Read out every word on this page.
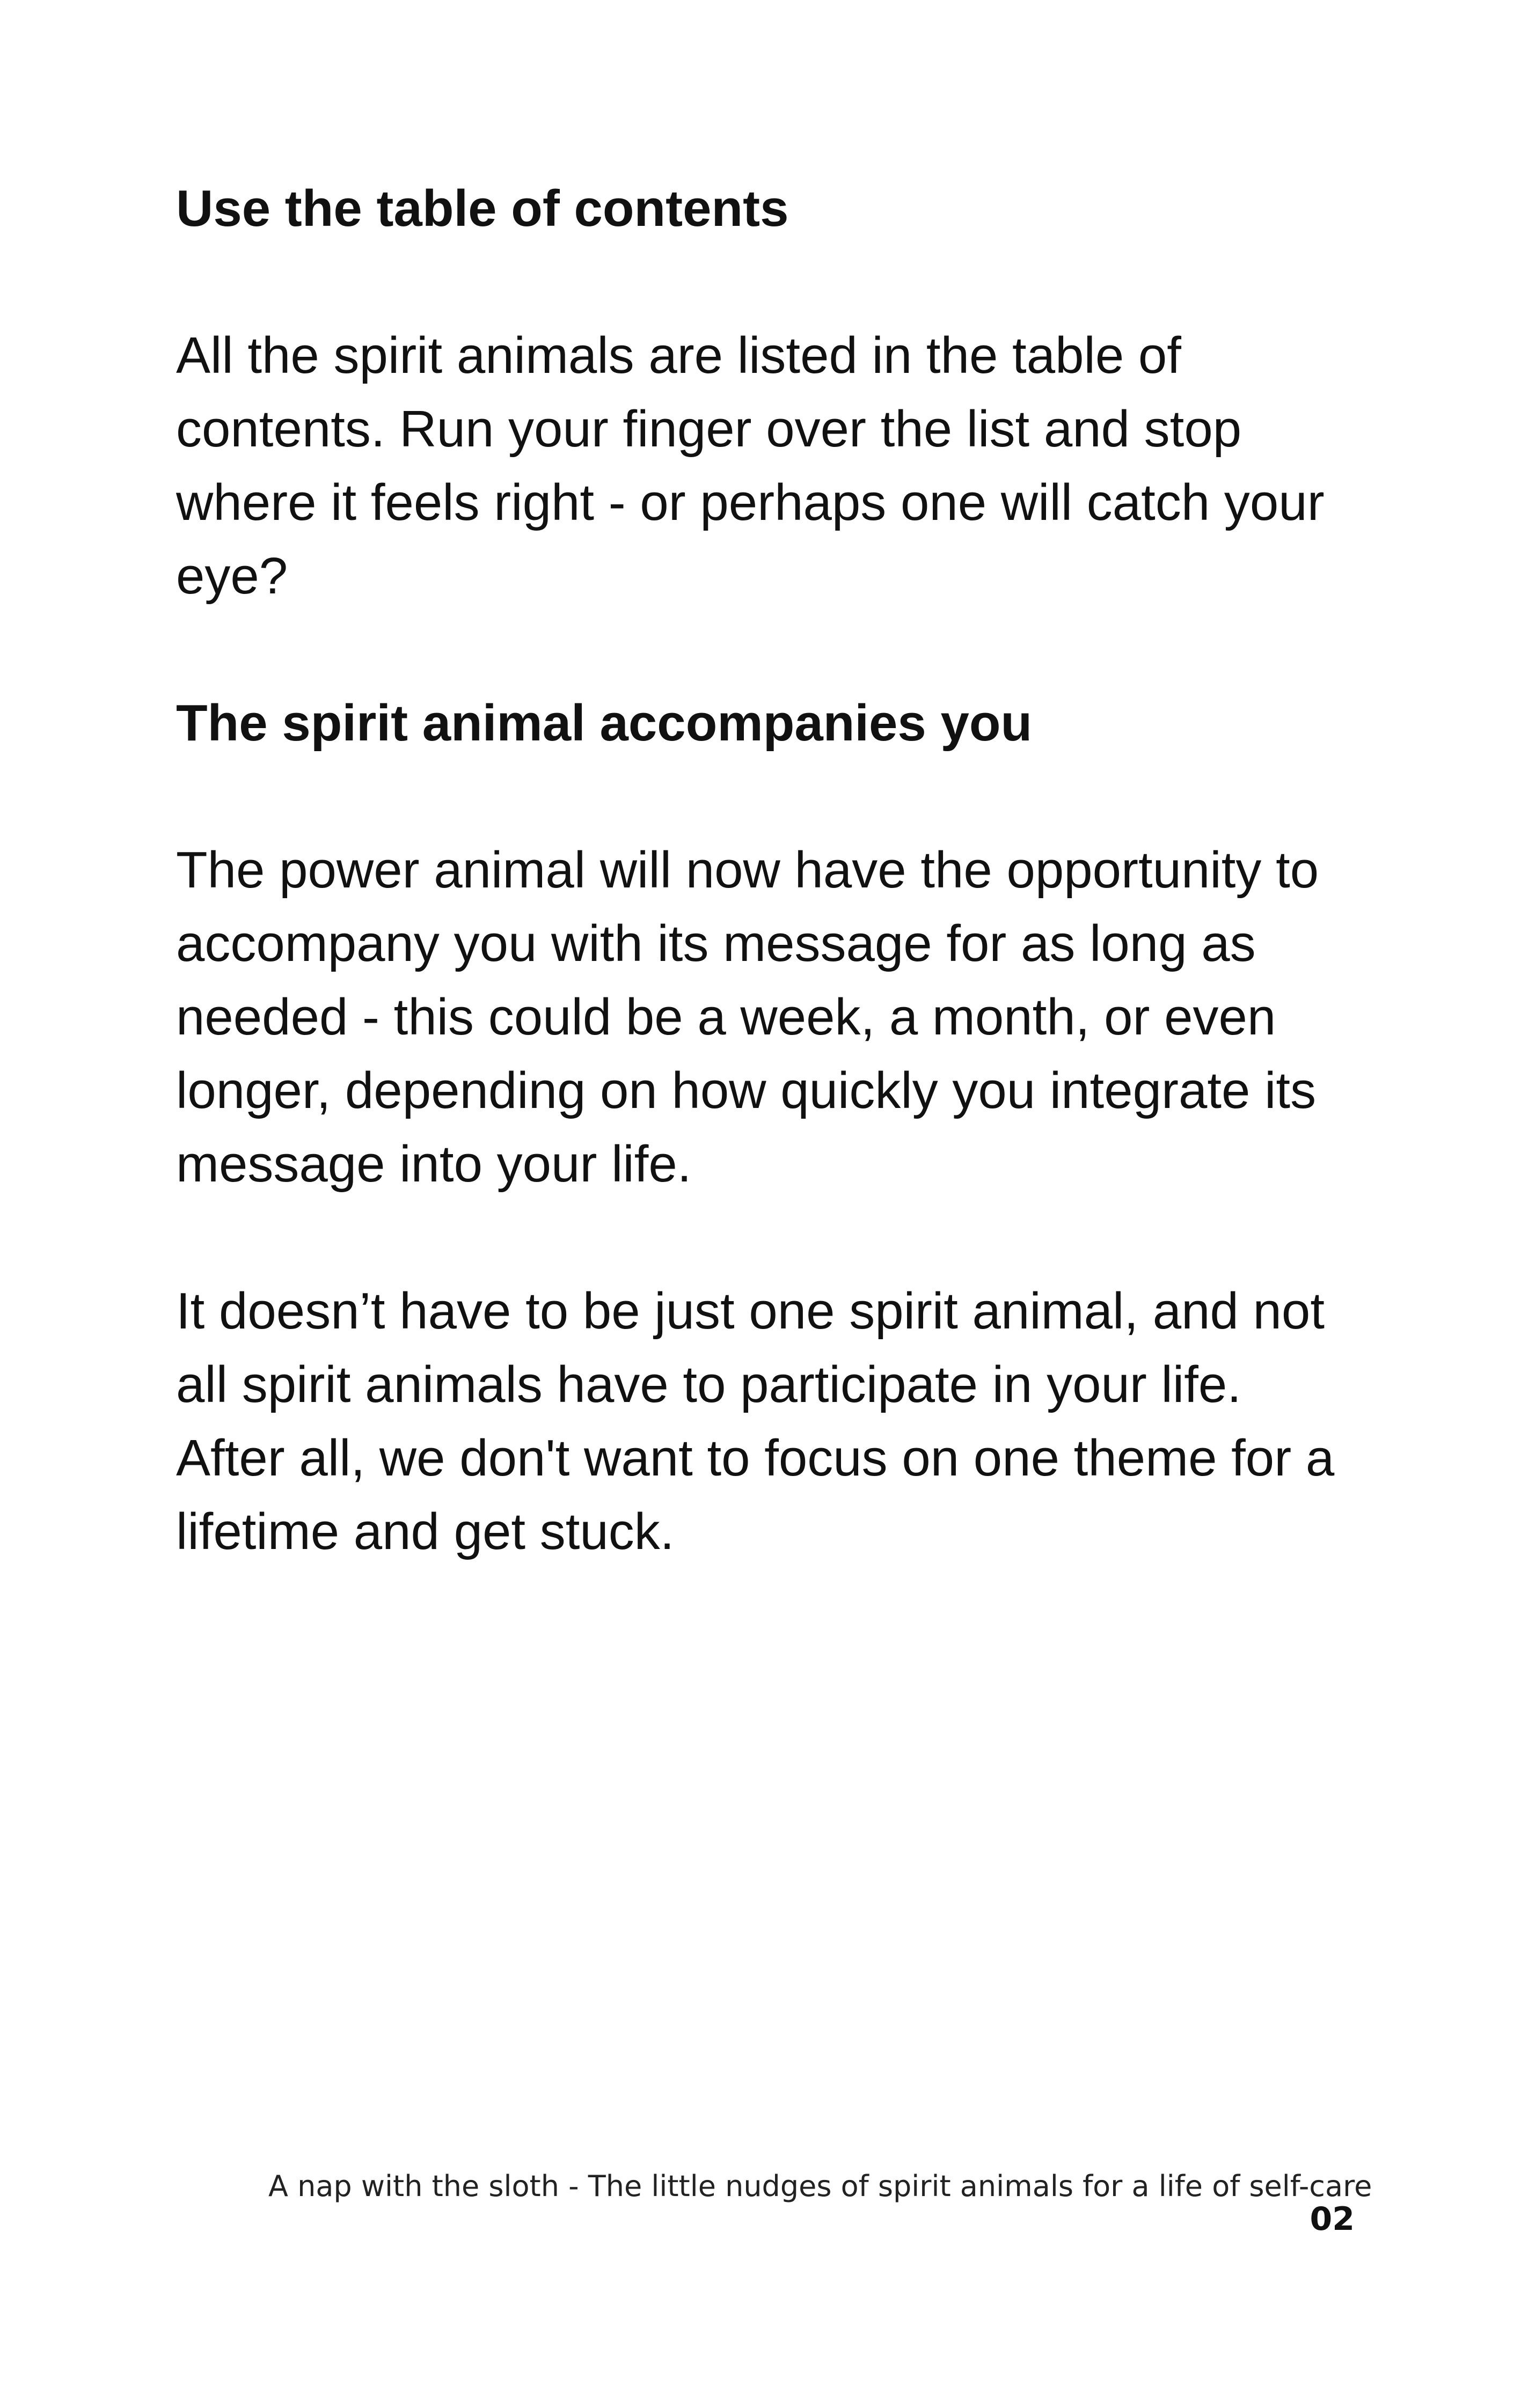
Use the table of contents

All the spirit animals are listed in the table of contents. Run your finger over the list and stop where it feels right - or perhaps one will catch your eye?

The spirit animal accompanies you

The power animal will now have the opportunity to accompany you with its message for as long as needed - this could be a week, a month, or even longer, depending on how quickly you integrate its message into your life.

It doesn’t have to be just one spirit animal, and not all spirit animals have to participate in your life.

After all, we don't want to focus on one theme for a lifetime and get stuck.

A nap with the sloth - The little nudges of spirit animals for a life of self-care
02
